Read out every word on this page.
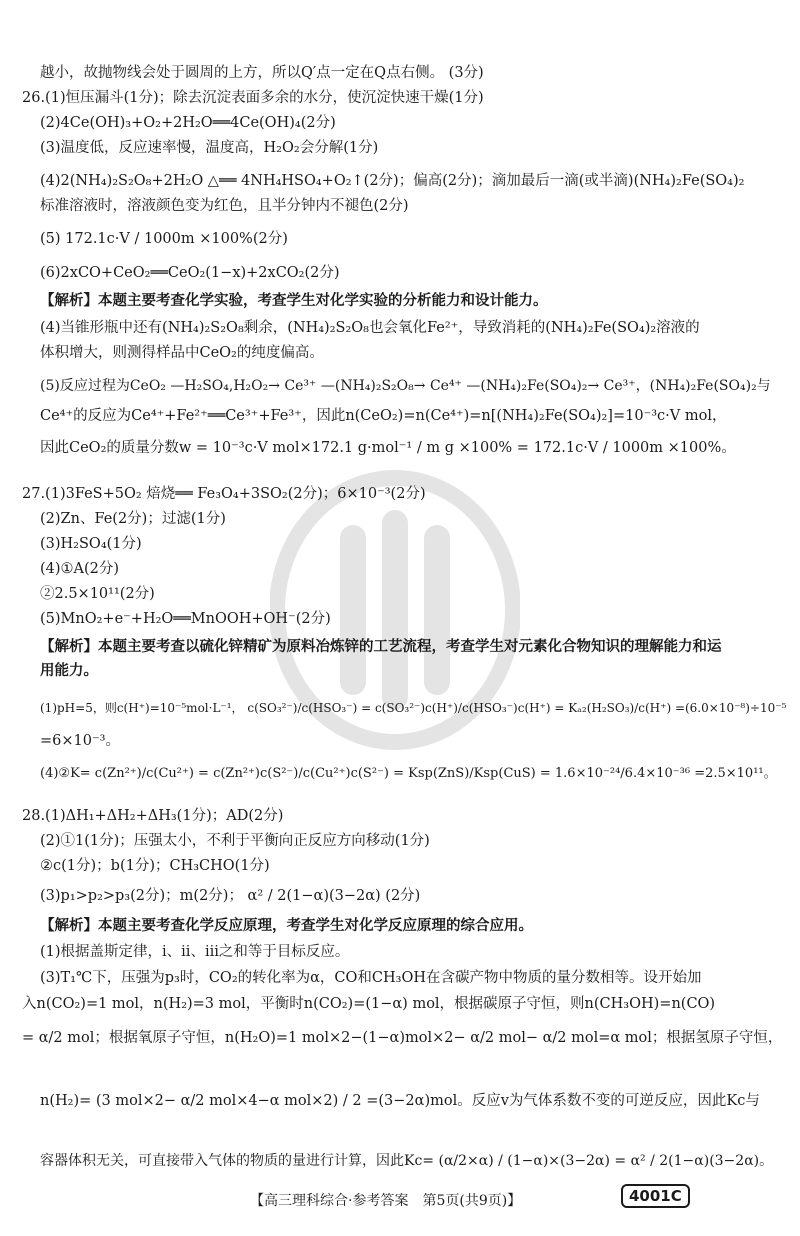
越小，故抛物线会处于圆周的上方，所以Q′点一定在Q点右侧。 (3分)
26.(1)恒压漏斗(1分)；除去沉淀表面多余的水分，使沉淀快速干燥(1分)
(2)4Ce(OH)₃+O₂+2H₂O══4Ce(OH)₄(2分)
(3)温度低，反应速率慢，温度高，H₂O₂会分解(1分)
(4)2(NH₄)₂S₂O₈+2H₂O △══ 4NH₄HSO₄+O₂↑(2分)；偏高(2分)；滴加最后一滴(或半滴)(NH₄)₂Fe(SO₄)₂
标准溶液时，溶液颜色变为红色，且半分钟内不褪色(2分)
(5) 172.1c·V / 1000m ×100%(2分)
(6)2xCO+CeO₂══CeO₂(1−x)+2xCO₂(2分)
【解析】本题主要考查化学实验，考查学生对化学实验的分析能力和设计能力。
(4)当锥形瓶中还有(NH₄)₂S₂O₈剩余，(NH₄)₂S₂O₈也会氧化Fe²⁺，导致消耗的(NH₄)₂Fe(SO₄)₂溶液的
体积增大，则测得样品中CeO₂的纯度偏高。
(5)反应过程为CeO₂ —H₂SO₄,H₂O₂→ Ce³⁺ —(NH₄)₂S₂O₈→ Ce⁴⁺ —(NH₄)₂Fe(SO₄)₂→ Ce³⁺，(NH₄)₂Fe(SO₄)₂与
Ce⁴⁺的反应为Ce⁴⁺+Fe²⁺══Ce³⁺+Fe³⁺，因此n(CeO₂)=n(Ce⁴⁺)=n[(NH₄)₂Fe(SO₄)₂]=10⁻³c·V mol，
因此CeO₂的质量分数w = 10⁻³c·V mol×172.1 g·mol⁻¹ / m g ×100% = 172.1c·V / 1000m ×100%。
27.(1)3FeS+5O₂ 焙烧══ Fe₃O₄+3SO₂(2分)；6×10⁻³(2分)
(2)Zn、Fe(2分)；过滤(1分)
(3)H₂SO₄(1分)
(4)①A(2分)
②2.5×10¹¹(2分)
(5)MnO₂+e⁻+H₂O══MnOOH+OH⁻(2分)
【解析】本题主要考查以硫化锌精矿为原料冶炼锌的工艺流程，考查学生对元素化合物知识的理解能力和运
用能力。
(1)pH=5，则c(H⁺)=10⁻⁵mol·L⁻¹， c(SO₃²⁻)/c(HSO₃⁻) = c(SO₃²⁻)c(H⁺)/c(HSO₃⁻)c(H⁺) = Kₐ₂(H₂SO₃)/c(H⁺) =(6.0×10⁻⁸)÷10⁻⁵
=6×10⁻³。
(4)②K= c(Zn²⁺)/c(Cu²⁺) = c(Zn²⁺)c(S²⁻)/c(Cu²⁺)c(S²⁻) = Ksp(ZnS)/Ksp(CuS) = 1.6×10⁻²⁴/6.4×10⁻³⁶ =2.5×10¹¹。
28.(1)ΔH₁+ΔH₂+ΔH₃(1分)；AD(2分)
(2)①1(1分)；压强太小，不利于平衡向正反应方向移动(1分)
②c(1分)；b(1分)；CH₃CHO(1分)
(3)p₁>p₂>p₃(2分)；m(2分)； α² / 2(1−α)(3−2α) (2分)
【解析】本题主要考查化学反应原理，考查学生对化学反应原理的综合应用。
(1)根据盖斯定律，ⅰ、ⅱ、ⅲ之和等于目标反应。
(3)T₁℃下，压强为p₃时，CO₂的转化率为α，CO和CH₃OH在含碳产物中物质的量分数相等。设开始加
入n(CO₂)=1 mol，n(H₂)=3 mol，平衡时n(CO₂)=(1−α) mol，根据碳原子守恒，则n(CH₃OH)=n(CO)
= α/2 mol；根据氧原子守恒，n(H₂O)=1 mol×2−(1−α)mol×2− α/2 mol− α/2 mol=α mol；根据氢原子守恒，
n(H₂)= (3 mol×2− α/2 mol×4−α mol×2) / 2 =(3−2α)mol。反应ⅴ为气体系数不变的可逆反应，因此Kc与
容器体积无关，可直接带入气体的物质的量进行计算，因此Kc= (α/2×α) / (1−α)×(3−2α) = α² / 2(1−α)(3−2α)。
【高三理科综合·参考答案　第5页(共9页)】	4001C
